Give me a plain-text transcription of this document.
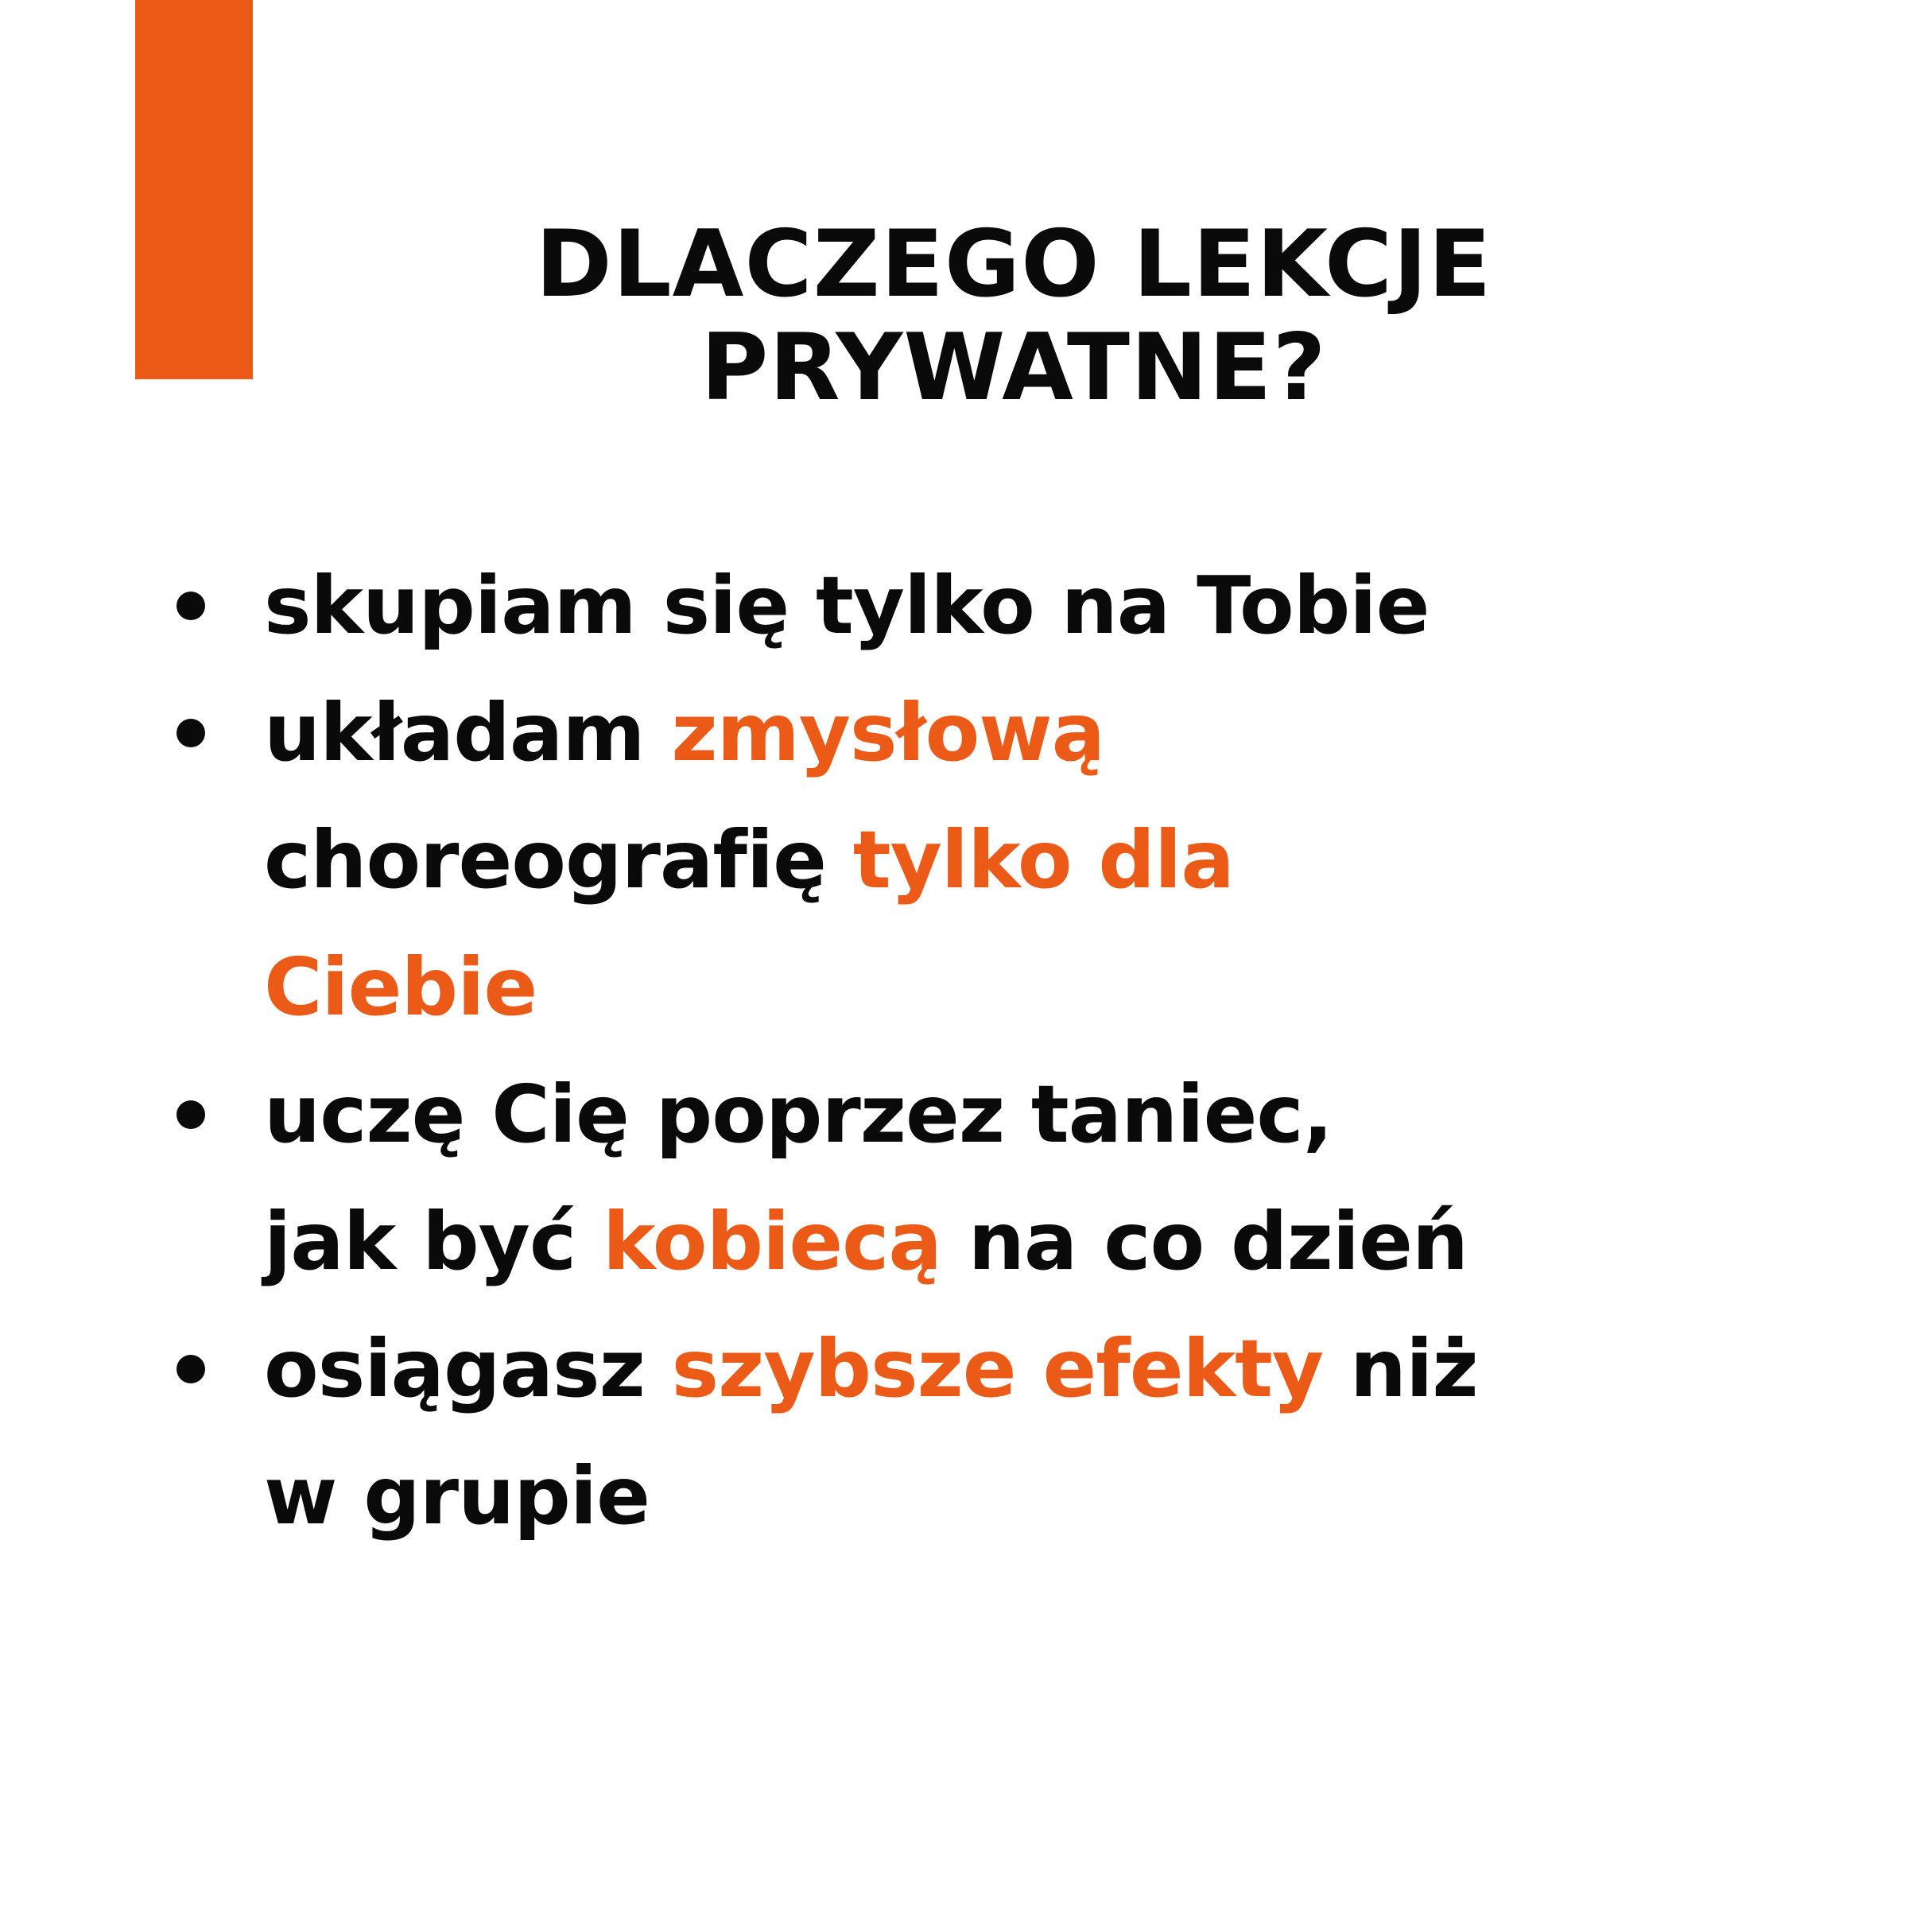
DLACZEGO LEKCJE
PRYWATNE?
skupiam się tylko na Tobie
układam zmysłową
choreografię tylko dla
Ciebie
uczę Cię poprzez taniec,
jak być kobiecą na co dzień
osiągasz szybsze efekty niż
w grupie
